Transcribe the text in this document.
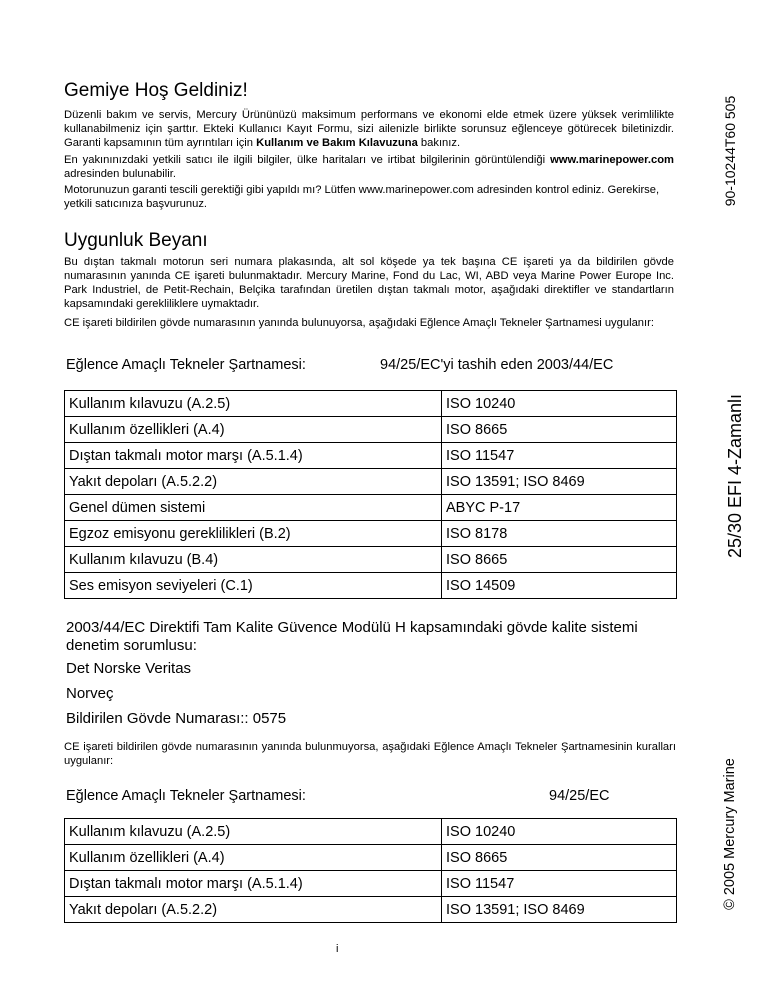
Gemiye Hoş Geldiniz!

Düzenli bakım ve servis, Mercury Ürününüzü maksimum performans ve ekonomi elde etmek üzere yüksek verimlilikte kullanabilmeniz için şarttır. Ekteki Kullanıcı Kayıt Formu, sizi ailenizle birlikte sorunsuz eğlenceye götürecek biletinizdir. Garanti kapsamının tüm ayrıntıları için Kullanım ve Bakım Kılavuzuna bakınız.

En yakınınızdaki yetkili satıcı ile ilgili bilgiler, ülke haritaları ve irtibat bilgilerinin görüntülendiği www.marinepower.com adresinden bulunabilir.

Motorunuzun garanti tescili gerektiği gibi yapıldı mı? Lütfen www.marinepower.com adresinden kontrol ediniz. Gerekirse, yetkili satıcınıza başvurunuz.

Uygunluk Beyanı

Bu dıştan takmalı motorun seri numara plakasında, alt sol köşede ya tek başına CE işareti ya da bildirilen gövde numarasının yanında CE işareti bulunmaktadır. Mercury Marine, Fond du Lac, WI, ABD veya Marine Power Europe Inc. Park Industriel, de Petit-Rechain, Belçika tarafından üretilen dıştan takmalı motor, aşağıdaki direktifler ve standartların kapsamındaki gerekliliklere uymaktadır.

CE işareti bildirilen gövde numarasının yanında bulunuyorsa, aşağıdaki Eğlence Amaçlı Tekneler Şartnamesi uygulanır:

Eğlence Amaçlı Tekneler Şartnamesi:	94/25/EC'yi tashih eden 2003/44/EC
Kullanım kılavuzu (A.2.5)	ISO 10240
Kullanım özellikleri (A.4)	ISO 8665
Dıştan takmalı motor marşı (A.5.1.4)	ISO 11547
Yakıt depoları (A.5.2.2)	ISO 13591; ISO 8469
Genel dümen sistemi	ABYC P-17
Egzoz emisyonu gereklilikleri (B.2)	ISO 8178
Kullanım kılavuzu (B.4)	ISO 8665
Ses emisyon seviyeleri (C.1)	ISO 14509
2003/44/EC Direktifi Tam Kalite Güvence Modülü H kapsamındaki gövde kalite sistemi denetim sorumlusu:
Det Norske Veritas
Norveç
Bildirilen Gövde Numarası:: 0575

CE işareti bildirilen gövde numarasının yanında bulunmuyorsa, aşağıdaki Eğlence Amaçlı Tekneler Şartnamesinin kuralları uygulanır:

Eğlence Amaçlı Tekneler Şartnamesi:	94/25/EC
Kullanım kılavuzu (A.2.5)	ISO 10240
Kullanım özellikleri (A.4)	ISO 8665
Dıştan takmalı motor marşı (A.5.1.4)	ISO 11547
Yakıt depoları (A.5.2.2)	ISO 13591; ISO 8469
90-10244T60 505
25/30 EFI 4-Zamanlı
© 2005 Mercury Marine
i
